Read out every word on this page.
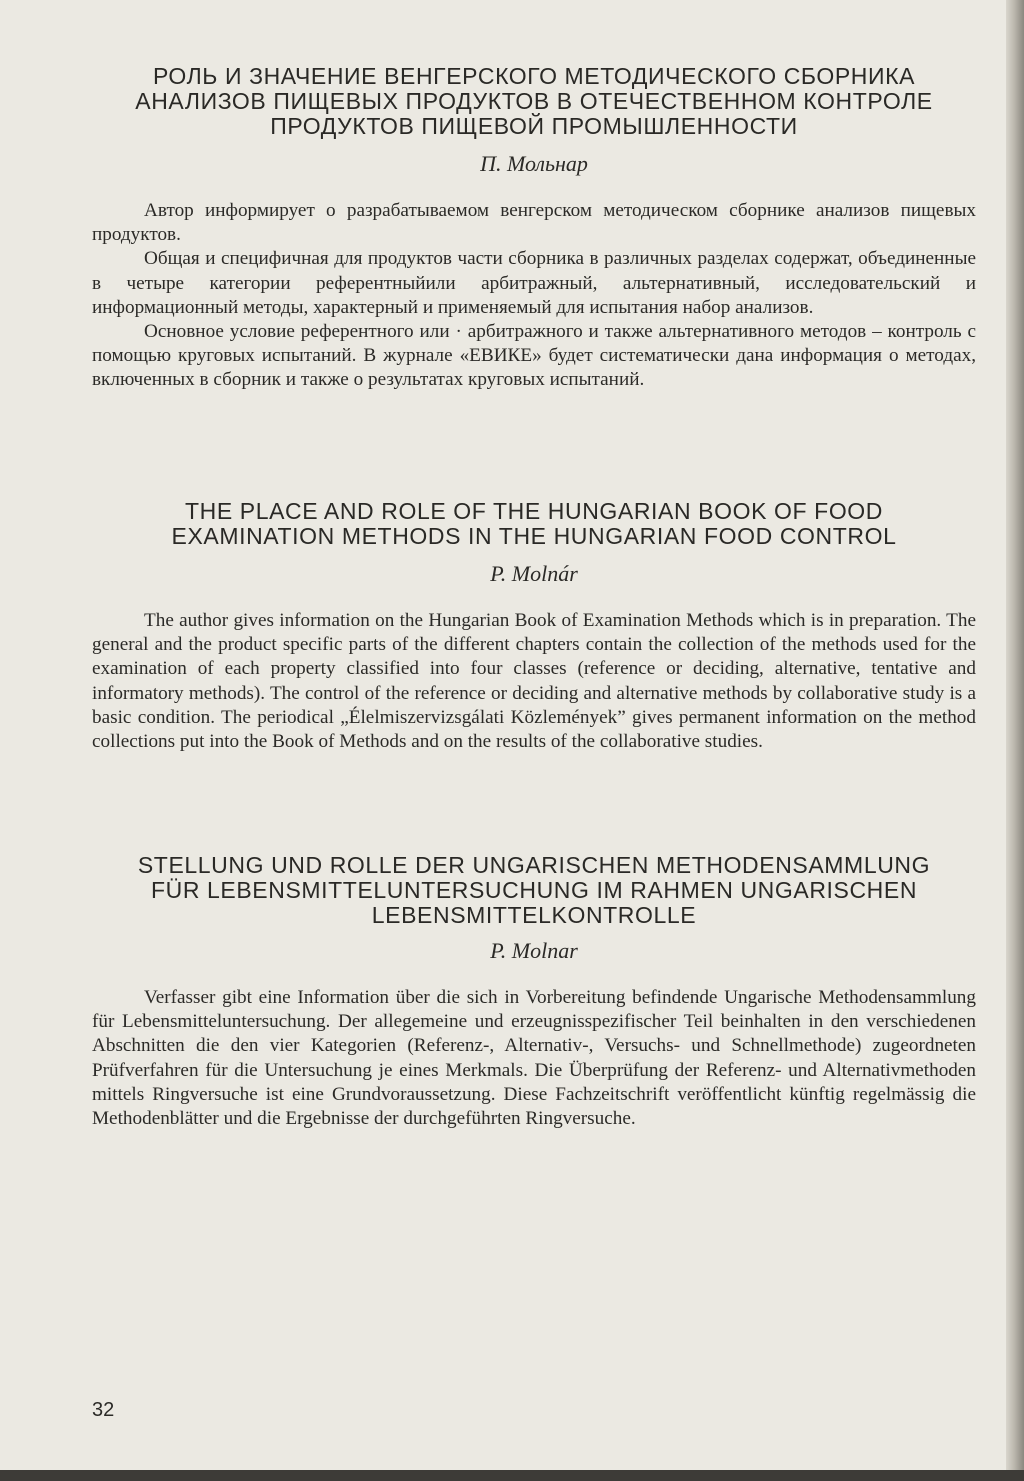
РОЛЬ И ЗНАЧЕНИЕ ВЕНГЕРСКОГО МЕТОДИЧЕСКОГО СБОРНИКА
АНАЛИЗОВ ПИЩЕВЫХ ПРОДУКТОВ В ОТЕЧЕСТВЕННОМ КОНТРОЛЕ
ПРОДУКТОВ ПИЩЕВОЙ ПРОМЫШЛЕННОСТИ

П. Мольнар

Автор информирует о разрабатываемом венгерском методическом сборнике анализов пищевых продуктов.
Общая и специфичная для продуктов части сборника в различных разделах содержат, объединенные в четыре категории референтныйили арбитражный, альтернативный, исследовательский и информационный методы, характерный и применяемый для испытания набор анализов.
Основное условие референтного или · арбитражного и также альтернативного методов – контроль с помощью круговых испытаний. В журнале «ЕВИКЕ» будет систематически дана информация о методах, включенных в сборник и также о результатах круговых испытаний.
THE PLACE AND ROLE OF THE HUNGARIAN BOOK OF FOOD
EXAMINATION METHODS IN THE HUNGARIAN FOOD CONTROL

P. Molnár

The author gives information on the Hungarian Book of Examination Methods which is in preparation. The general and the product specific parts of the different chapters contain the collection of the methods used for the examination of each property classified into four classes (reference or deciding, alternative, tentative and informatory methods). The control of the reference or deciding and alternative methods by collaborative study is a basic condition. The periodical „Élelmiszervizsgálati Közlemények” gives permanent information on the method collections put into the Book of Methods and on the results of the collaborative studies.
STELLUNG UND ROLLE DER UNGARISCHEN METHODENSAMMLUNG
FÜR LEBENSMITTELUNTERSUCHUNG IM RAHMEN UNGARISCHEN
LEBENSMITTELKONTROLLE

P. Molnar

Verfasser gibt eine Information über die sich in Vorbereitung befindende Ungarische Methodensammlung für Lebensmitteluntersuchung. Der allegemeine und erzeugnisspezifischer Teil beinhalten in den verschiedenen Abschnitten die den vier Kategorien (Referenz-, Alternativ-, Versuchs- und Schnellmethode) zugeordneten Prüfverfahren für die Untersuchung je eines Merkmals. Die Überprüfung der Referenz- und Alternativmethoden mittels Ringversuche ist eine Grundvoraussetzung. Diese Fachzeitschrift veröffentlicht künftig regelmässig die Methodenblätter und die Ergebnisse der durchgeführten Ringversuche.
32
